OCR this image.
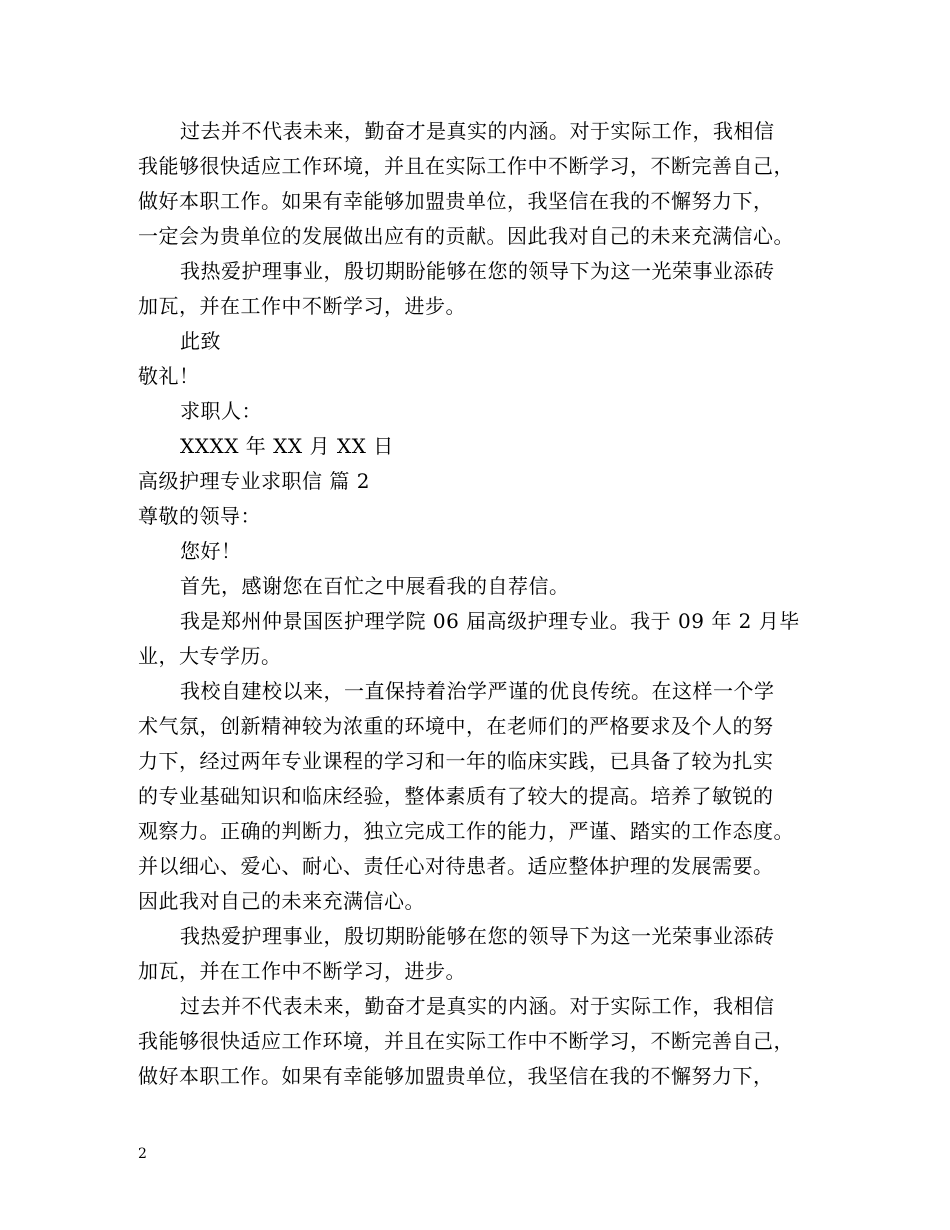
过去并不代表未来，勤奋才是真实的内涵。对于实际工作，我相信
我能够很快适应工作环境，并且在实际工作中不断学习，不断完善自己，
做好本职工作。如果有幸能够加盟贵单位，我坚信在我的不懈努力下，
一定会为贵单位的发展做出应有的贡献。因此我对自己的未来充满信心。
我热爱护理事业，殷切期盼能够在您的领导下为这一光荣事业添砖
加瓦，并在工作中不断学习，进步。
此致
敬礼！
求职人：
XXXX 年 XX 月 XX 日
高级护理专业求职信 篇 2
尊敬的领导：
您好！
首先，感谢您在百忙之中展看我的自荐信。
我是郑州仲景国医护理学院 06 届高级护理专业。我于 09 年 2 月毕
业，大专学历。
我校自建校以来，一直保持着治学严谨的优良传统。在这样一个学
术气氛，创新精神较为浓重的环境中，在老师们的严格要求及个人的努
力下，经过两年专业课程的学习和一年的临床实践，已具备了较为扎实
的专业基础知识和临床经验，整体素质有了较大的提高。培养了敏锐的
观察力。正确的判断力，独立完成工作的能力，严谨、踏实的工作态度。
并以细心、爱心、耐心、责任心对待患者。适应整体护理的发展需要。
因此我对自己的未来充满信心。
我热爱护理事业，殷切期盼能够在您的领导下为这一光荣事业添砖
加瓦，并在工作中不断学习，进步。
过去并不代表未来，勤奋才是真实的内涵。对于实际工作，我相信
我能够很快适应工作环境，并且在实际工作中不断学习，不断完善自己，
做好本职工作。如果有幸能够加盟贵单位，我坚信在我的不懈努力下，
2
